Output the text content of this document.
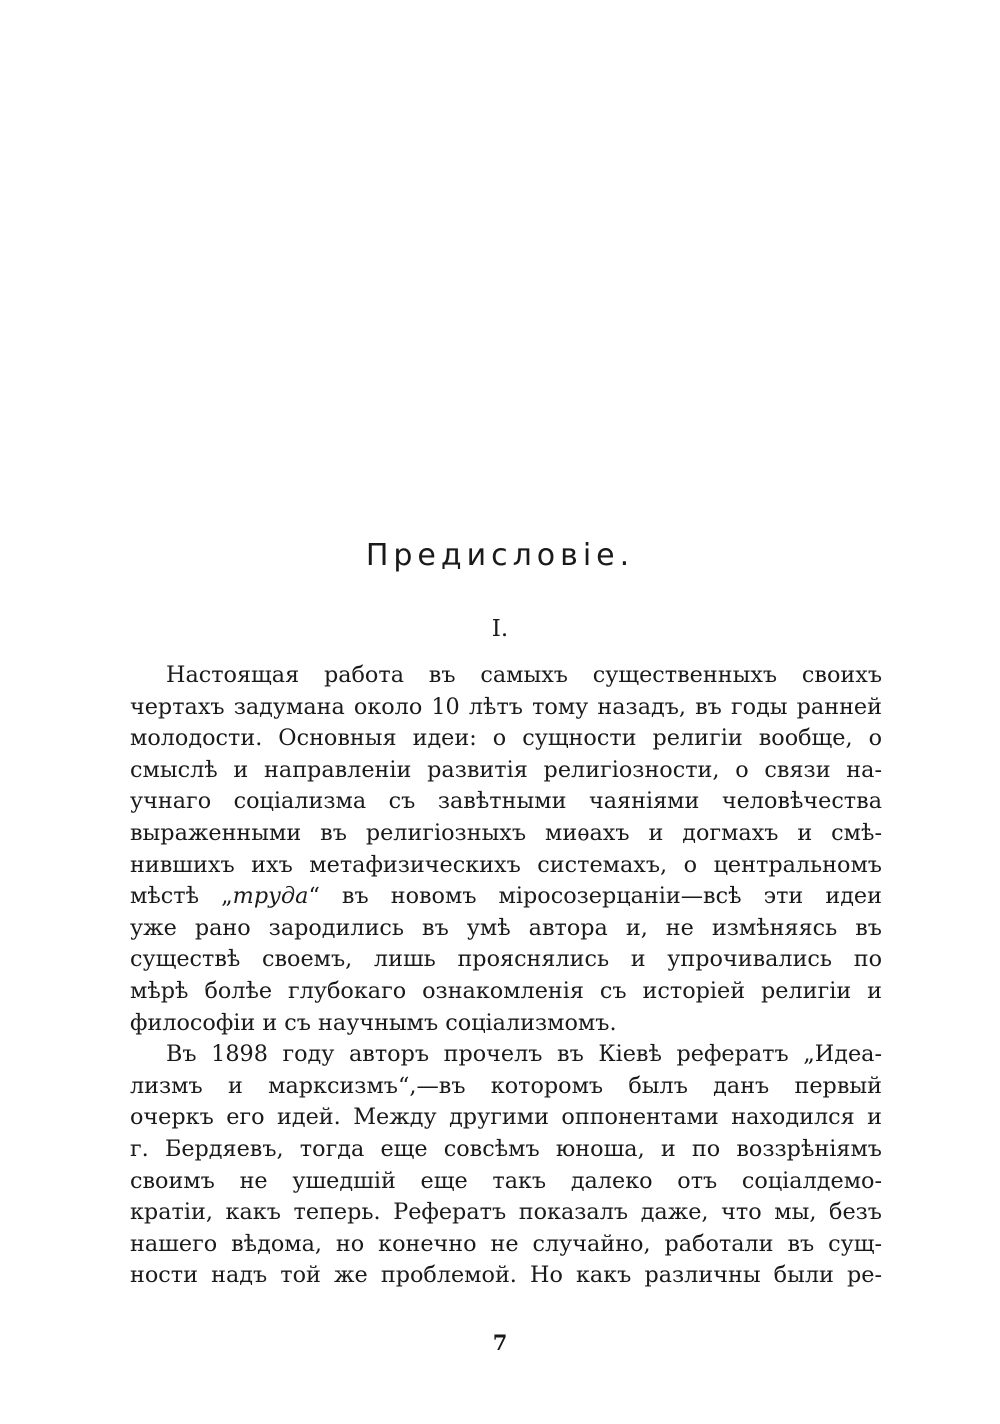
Предисловіе.
I.
Настоящая работа въ самыхъ существенныхъ своихъ
чертахъ задумана около 10 лѣтъ тому назадъ, въ годы ранней
молодости. Основныя идеи: о сущности религіи вообще, о
смыслѣ и направленіи развитія религіозности, о связи на-
учнаго соціализма съ завѣтными чаяніями человѣчества
выраженными въ религіозныхъ миѳахъ и догмахъ и смѣ-
нившихъ ихъ метафизическихъ системахъ, о центральномъ
мѣстѣ „труда“ въ новомъ міросозерцаніи—всѣ эти идеи
уже рано зародились въ умѣ автора и, не измѣняясь въ
существѣ своемъ, лишь прояснялись и упрочивались по
мѣрѣ болѣе глубокаго ознакомленія съ исторіей религіи и
философіи и съ научнымъ соціализмомъ.
Въ 1898 году авторъ прочелъ въ Кіевѣ рефератъ „Идеа-
лизмъ и марксизмъ“,—въ которомъ былъ данъ первый
очеркъ его идей. Между другими оппонентами находился и
г. Бердяевъ, тогда еще совсѣмъ юноша, и по воззрѣніямъ
своимъ не ушедшій еще такъ далеко отъ соціалдемо-
кратіи, какъ теперь. Рефератъ показалъ даже, что мы, безъ
нашего вѣдома, но конечно не случайно, работали въ сущ-
ности надъ той же проблемой. Но какъ различны были ре-
7
